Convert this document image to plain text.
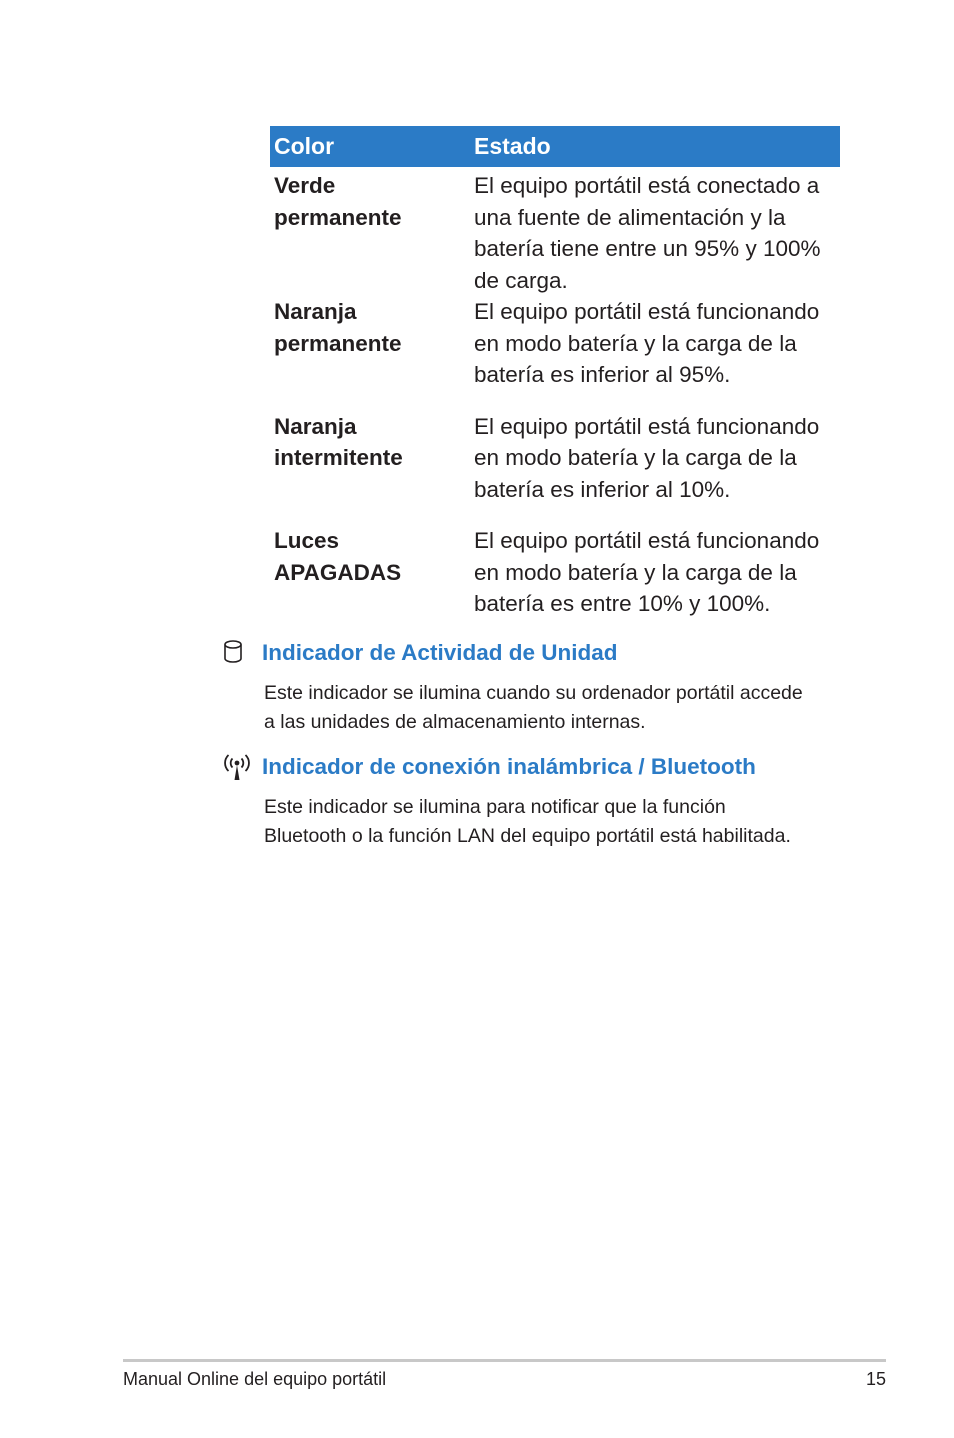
Color	Estado
Verde permanente	El equipo portátil está conectado a una fuente de alimentación y la batería tiene entre un 95% y 100% de carga.
Naranja permanente	El equipo portátil está funcionando en modo batería y la carga de la batería es inferior al 95%.
Naranja intermitente	El equipo portátil está funcionando en modo batería y la carga de la batería es inferior al 10%.
Luces APAGADAS	El equipo portátil está funcionando en modo batería y la carga de la batería es entre 10% y 100%.
Indicador de Actividad de Unidad
Este indicador se ilumina cuando su ordenador portátil accede a las unidades de almacenamiento internas.
Indicador de conexión inalámbrica / Bluetooth
Este indicador se ilumina para notificar que la función Bluetooth o la función LAN del equipo portátil está habilitada.
Manual Online del equipo portátil	15
